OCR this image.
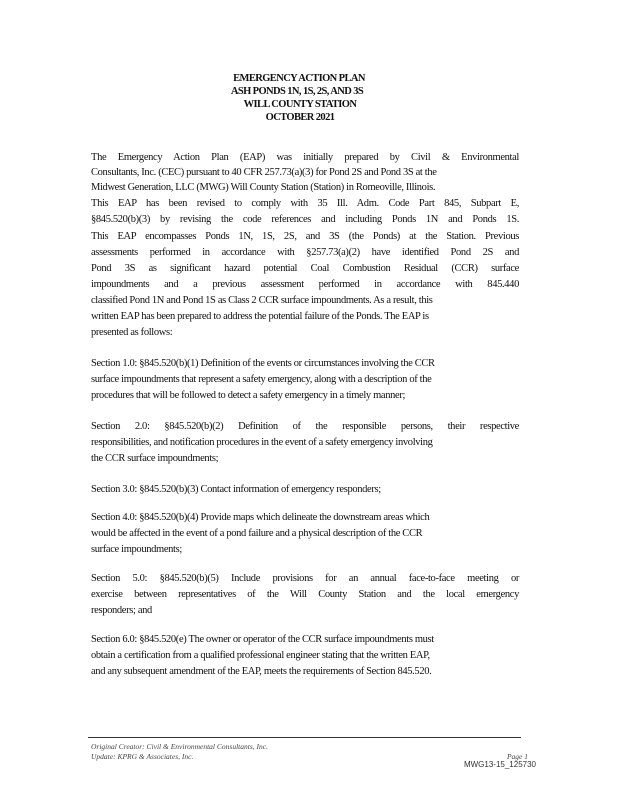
EMERGENCY ACTION PLAN
ASH PONDS 1N, 1S, 2S, AND 3S
WILL COUNTY STATION
OCTOBER 2021
The Emergency Action Plan (EAP) was initially prepared by Civil & Environmental
Consultants, Inc. (CEC) pursuant to 40 CFR 257.73(a)(3) for Pond 2S and Pond 3S at the
Midwest Generation, LLC (MWG) Will County Station (Station) in Romeoville, Illinois.
This EAP has been revised to comply with 35 Ill. Adm. Code Part 845, Subpart E,
§845.520(b)(3) by revising the code references and including Ponds 1N and Ponds 1S.
This EAP encompasses Ponds 1N, 1S, 2S, and 3S (the Ponds) at the Station. Previous
assessments performed in accordance with §257.73(a)(2) have identified Pond 2S and
Pond 3S as significant hazard potential Coal Combustion Residual (CCR) surface
impoundments and a previous assessment performed in accordance with 845.440
classified Pond 1N and Pond 1S as Class 2 CCR surface impoundments. As a result, this
written EAP has been prepared to address the potential failure of the Ponds. The EAP is
presented as follows:
Section 1.0: §845.520(b)(1) Definition of the events or circumstances involving the CCR
surface impoundments that represent a safety emergency, along with a description of the
procedures that will be followed to detect a safety emergency in a timely manner;
Section 2.0: §845.520(b)(2) Definition of the responsible persons, their respective
responsibilities, and notification procedures in the event of a safety emergency involving
the CCR surface impoundments;
Section 3.0: §845.520(b)(3) Contact information of emergency responders;
Section 4.0: §845.520(b)(4) Provide maps which delineate the downstream areas which
would be affected in the event of a pond failure and a physical description of the CCR
surface impoundments;
Section 5.0: §845.520(b)(5) Include provisions for an annual face-to-face meeting or
exercise between representatives of the Will County Station and the local emergency
responders; and
Section 6.0: §845.520(e) The owner or operator of the CCR surface impoundments must
obtain a certification from a qualified professional engineer stating that the written EAP,
and any subsequent amendment of the EAP, meets the requirements of Section 845.520.
Original Creator: Civil & Environmental Consultants, Inc.
Update: KPRG & Associates, Inc.	Page 1
MWG13-15_125730
